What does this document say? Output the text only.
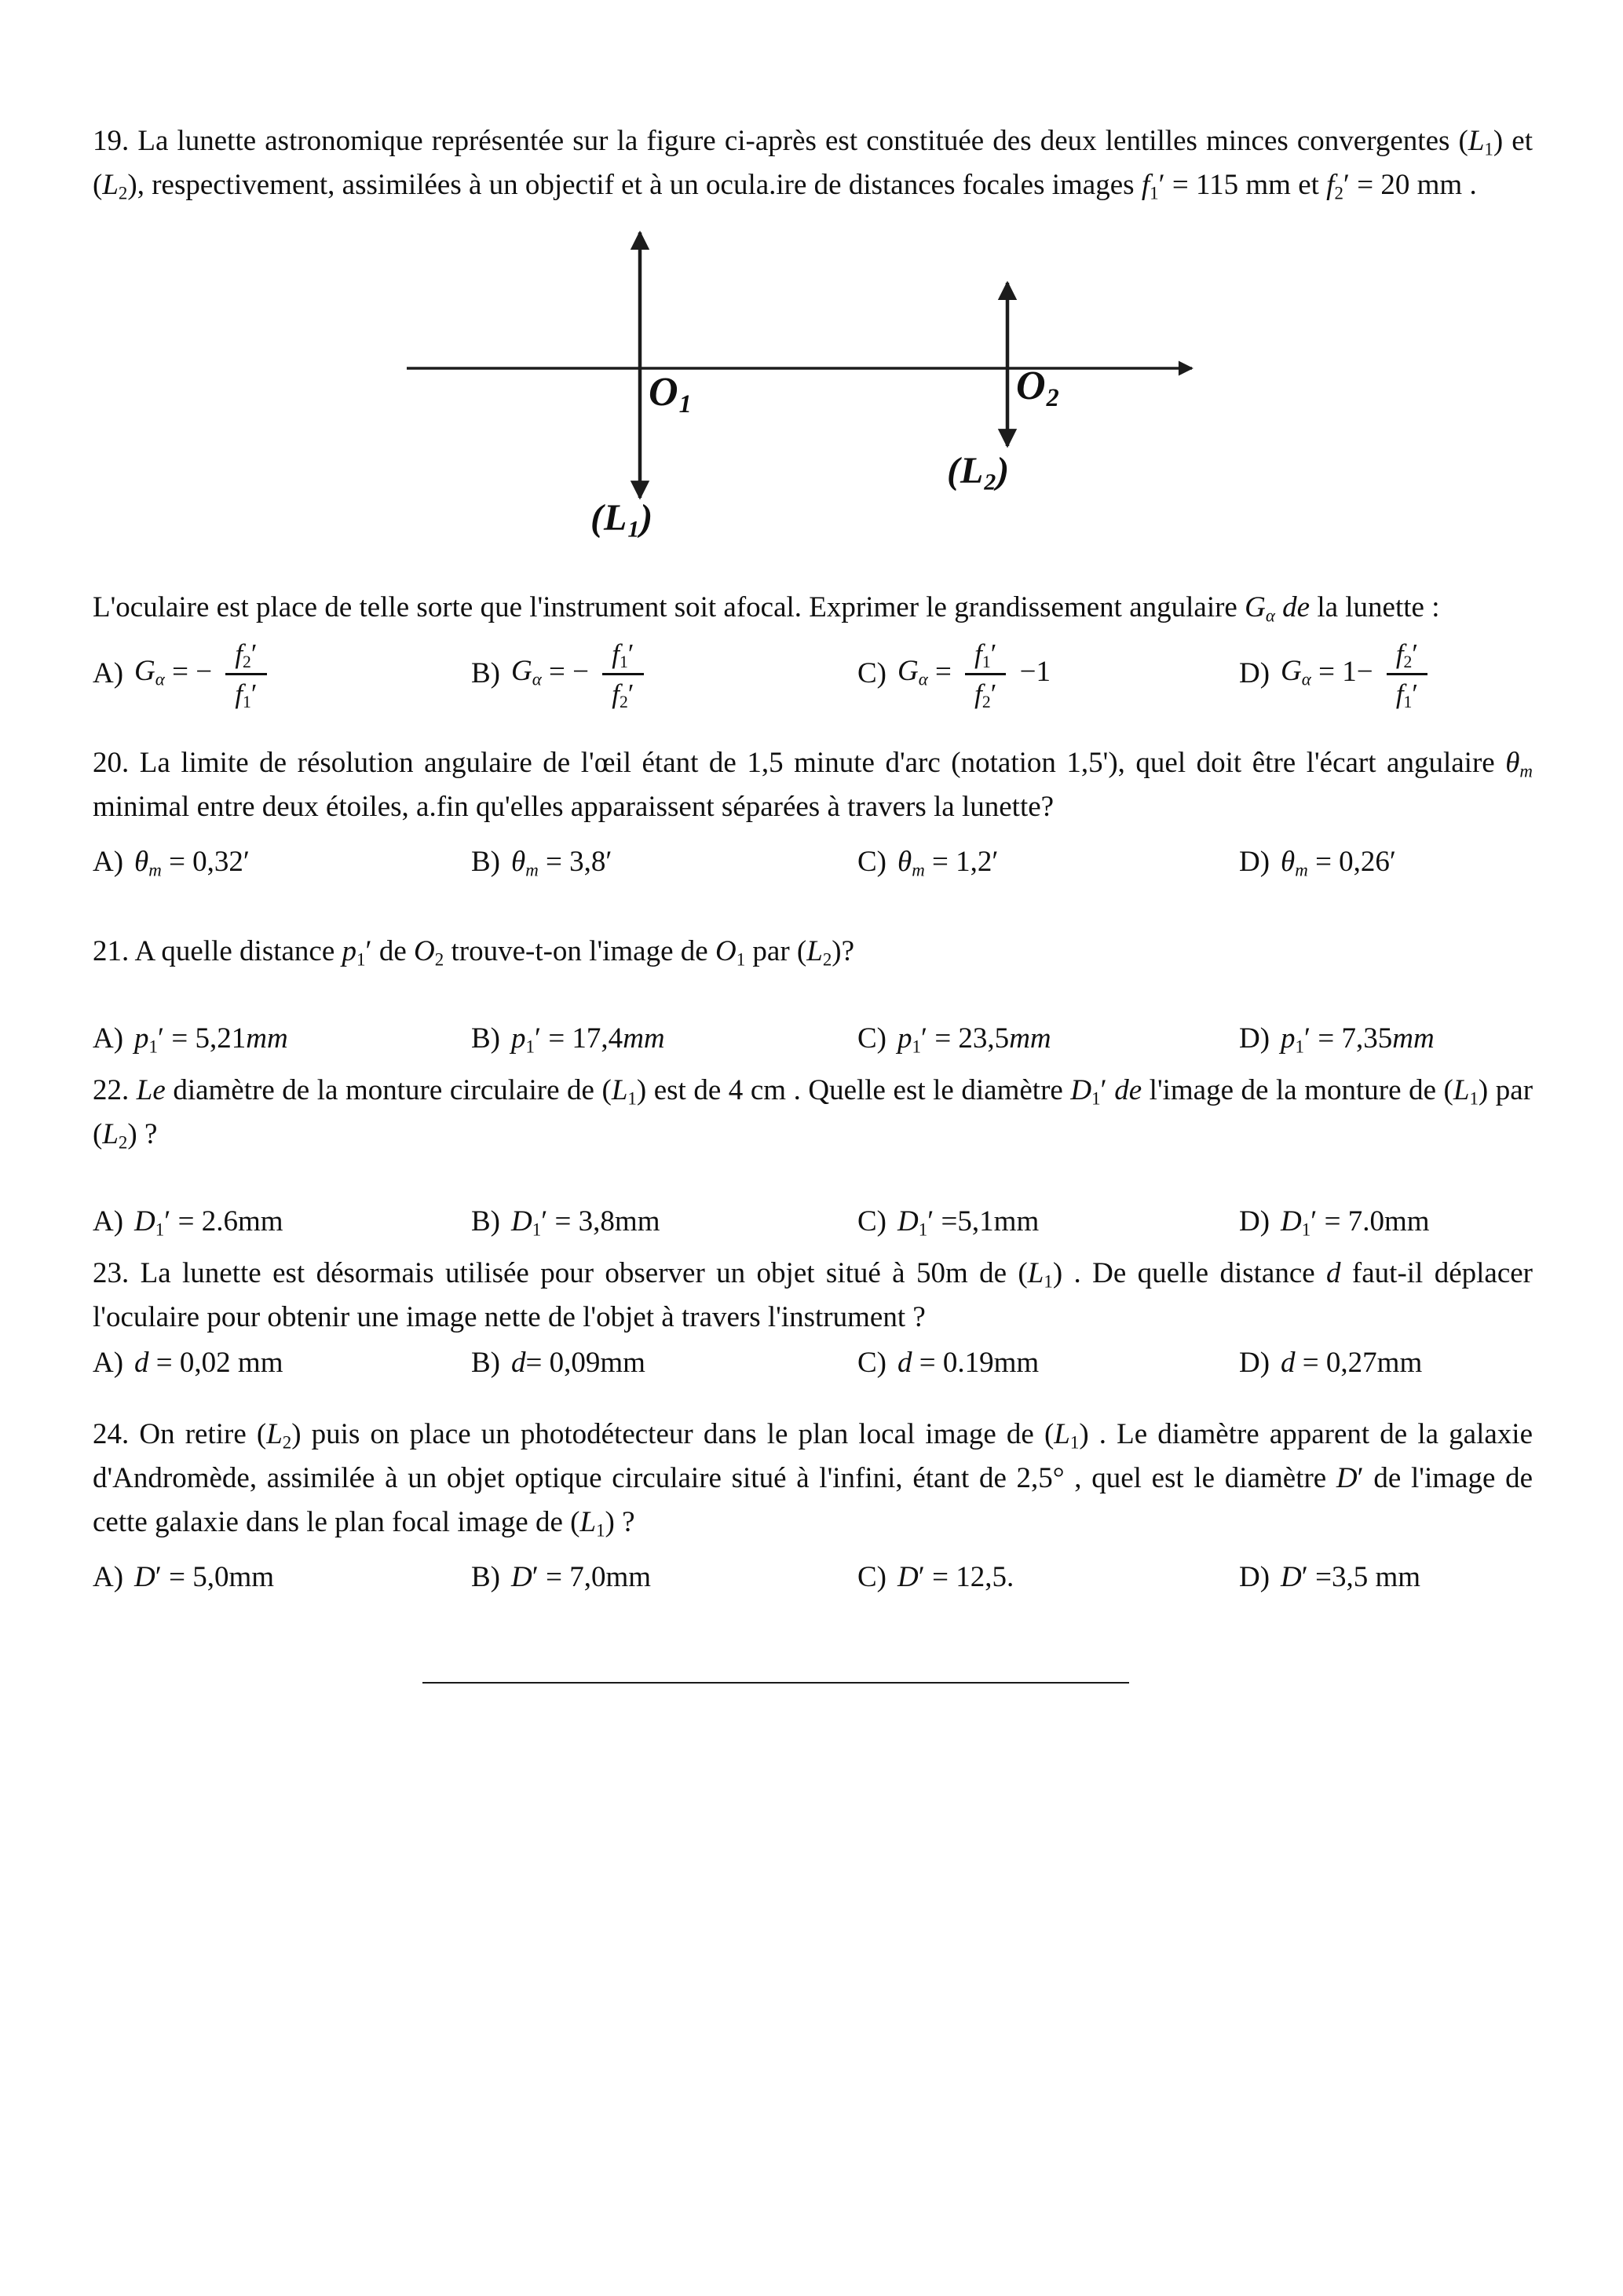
19. La lunette astronomique représentée sur la figure ci-après est constituée des deux lentilles minces convergentes $(L_1)$ et $(L_2)$, respectivement, assimilées à un objectif et à un ocula.ire de distances focales images $f_1' = 115$ mm et $f_2' = 20$ mm .

$O_1$
$(L_1)$
$O_2$
$(L_2)$

L'oculaire est place de telle sorte que l'instrument soit afocal. Exprimer le grandissement angulaire $G_\alpha$ de la lunette :

A) $G_\alpha$ = − $\frac{f_2'}{f_1'}$	B) $G_\alpha$ = − $\frac{f_1'}{f_2'}$	C) $G_\alpha = \frac{f_1'}{f_2'} -1$	D) $G_\alpha = 1- \frac{f_2'}{f_1'}$

20. La limite de résolution angulaire de l'œil étant de 1,5 minute d'arc (notation 1,5'), quel doit être l'écart angulaire $\theta_m$ minimal entre deux étoiles, a.fin qu'elles apparaissent séparées à travers la lunette?

A) $\theta_m = 0,32'$	B) $\theta_m = 3,8'$	C) $\theta_m = 1,2'$	D) $\theta_m = 0,26'$

21. A quelle distance $p_1'$ de $O_2$ trouve-t-on l'image de $O_1$ par $(L_2)$?

A) $p_1' = 5,21mm$	B) $p_1' = 17,4mm$	C) $p_1' = 23,5mm$	D) $p_1' = 7,35mm$

22. Le diamètre de la monture circulaire de $(L_1)$ est de 4 cm . Quelle est le diamètre $D_1'$ de l'image de la monture de $(L_1)$ par $(L_2)$ ?

A) $D_1' = 2.6mm$	B) $D_1' = 3,8mm$	C) $D_1' =5,1mm$	D) $D_1' = 7.0mm$

23. La lunette est désormais utilisée pour observer un objet situé à 50m de $(L_1)$ . De quelle distance d faut-il déplacer l'oculaire pour obtenir une image nette de l'objet à travers l'instrument ?

A) d = 0,02 mm	B) d= 0,09mm	C) d = 0.19mm	D) d = 0,27mm

24. On retire $(L_2)$ puis on place un photodétecteur dans le plan local image de $(L_1)$ . Le diamètre apparent de la galaxie d'Andromède, assimilée à un objet optique circulaire situé à l'infini, étant de 2,5° , quel est le diamètre D′ de l'image de cette galaxie dans le plan focal image de $(L_1)$ ?

A) D′ = 5,0mm	B) D′ = 7,0mm	C) D′ = 12,5.	D) D′ =3,5 mm
